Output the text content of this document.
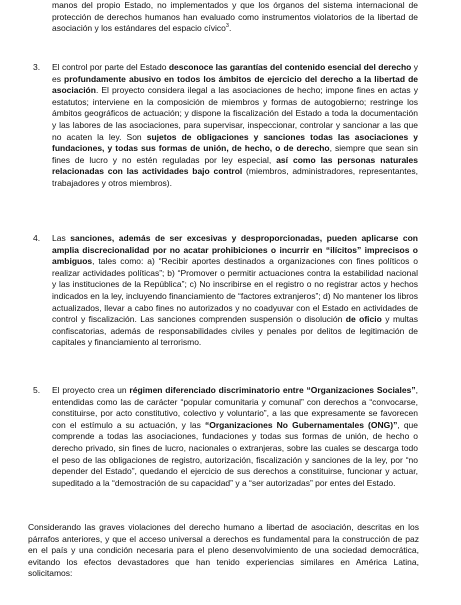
manos del propio Estado, no implementados y que los órganos del sistema internacional de protección de derechos humanos han evaluado como instrumentos violatorios de la libertad de asociación y los estándares del espacio cívico$^3$.

3. El control por parte del Estado desconoce las garantías del contenido esencial del derecho y es profundamente abusivo en todos los ámbitos de ejercicio del derecho a la libertad de asociación. El proyecto considera ilegal a las asociaciones de hecho; impone fines en actas y estatutos; interviene en la composición de miembros y formas de autogobierno; restringe los ámbitos geográficos de actuación; y dispone la fiscalización del Estado a toda la documentación y las labores de las asociaciones, para supervisar, inspeccionar, controlar y sancionar a las que no acaten la ley. Son sujetos de obligaciones y sanciones todas las asociaciones y fundaciones, y todas sus formas de unión, de hecho, o de derecho, siempre que sean sin fines de lucro y no estén reguladas por ley especial, así como las personas naturales relacionadas con las actividades bajo control (miembros, administradores, representantes, trabajadores y otros miembros).

4. Las sanciones, además de ser excesivas y desproporcionadas, pueden aplicarse con amplia discrecionalidad por no acatar prohibiciones o incurrir en “ilícitos” imprecisos o ambiguos, tales como: a) “Recibir aportes destinados a organizaciones con fines políticos o realizar actividades políticas”; b) “Promover o permitir actuaciones contra la estabilidad nacional y las instituciones de la República”; c) No inscribirse en el registro o no registrar actos y hechos indicados en la ley, incluyendo financiamiento de “factores extranjeros”; d) No mantener los libros actualizados, llevar a cabo fines no autorizados y no coadyuvar con el Estado en actividades de control y fiscalización. Las sanciones comprenden suspensión o disolución de oficio y multas confiscatorias, además de responsabilidades civiles y penales por delitos de legitimación de capitales y financiamiento al terrorismo.

5. El proyecto crea un régimen diferenciado discriminatorio entre “Organizaciones Sociales”, entendidas como las de carácter “popular comunitaria y comunal” con derechos a “convocarse, constituirse, por acto constitutivo, colectivo y voluntario”, a las que expresamente se favorecen con el estímulo a su actuación, y las “Organizaciones No Gubernamentales (ONG)”, que comprende a todas las asociaciones, fundaciones y todas sus formas de unión, de hecho o derecho privado, sin fines de lucro, nacionales o extranjeras, sobre las cuales se descarga todo el peso de las obligaciones de registro, autorización, fiscalización y sanciones de la ley, por “no depender del Estado”, quedando el ejercicio de sus derechos a constituirse, funcionar y actuar, supeditado a la “demostración de su capacidad” y a “ser autorizadas” por entes del Estado.

Considerando las graves violaciones del derecho humano a libertad de asociación, descritas en los párrafos anteriores, y que el acceso universal a derechos es fundamental para la construcción de paz en el país y una condición necesaria para el pleno desenvolvimiento de una sociedad democrática, evitando los efectos devastadores que han tenido experiencias similares en América Latina, solicitamos:
